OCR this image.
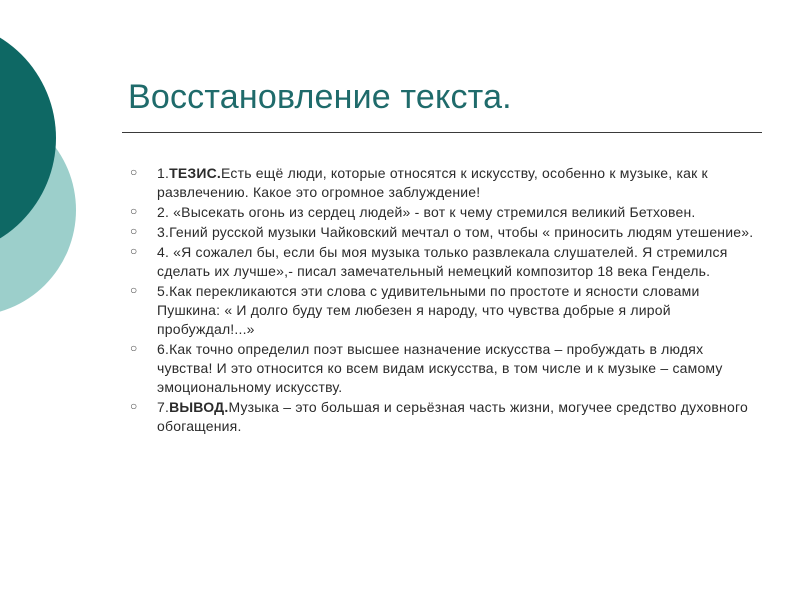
Восстановление текста.
○ 1.ТЕЗИС.Есть ещё люди, которые относятся к искусству, особенно к музыке, как к развлечению. Какое это огромное заблуждение!
○ 2. «Высекать огонь из сердец людей» - вот к чему стремился великий Бетховен.
○ 3.Гений русской музыки Чайковский мечтал о том, чтобы « приносить людям утешение».
○ 4. «Я сожалел бы, если бы моя музыка только развлекала слушателей. Я стремился сделать их лучше»,- писал замечательный немецкий композитор 18 века Гендель.
○ 5.Как перекликаются эти слова с удивительными по простоте и ясности словами Пушкина: « И долго буду тем любезен я народу, что чувства добрые я лирой пробуждал!...»
○ 6.Как точно определил поэт высшее назначение искусства – пробуждать в людях чувства! И это относится ко всем видам искусства, в том числе и к музыке – самому эмоциональному искусству.
○ 7.ВЫВОД.Музыка – это большая и серьёзная часть жизни, могучее средство духовного обогащения.
